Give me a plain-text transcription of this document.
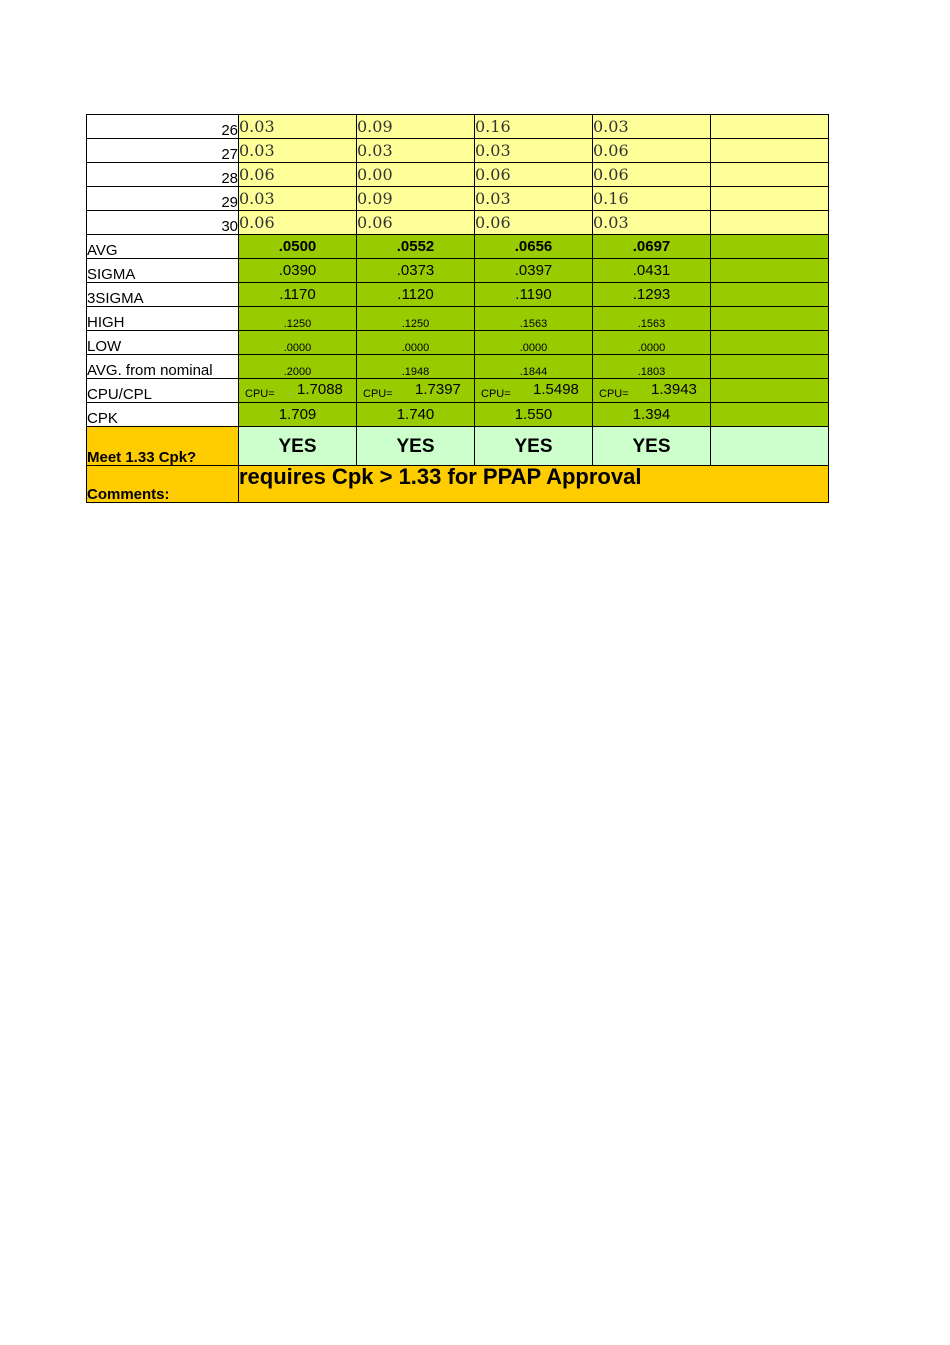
26	0.03	0.09	0.16	0.03	
27	0.03	0.03	0.03	0.06	
28	0.06	0.00	0.06	0.06	
29	0.03	0.09	0.03	0.16	
30	0.06	0.06	0.06	0.03	
AVG	.0500	.0552	.0656	.0697	
SIGMA	.0390	.0373	.0397	.0431	
3SIGMA	.1170	.1120	.1190	.1293	
HIGH	.1250	.1250	.1563	.1563	
LOW	.0000	.0000	.0000	.0000	
AVG. from nominal	.2000	.1948	.1844	.1803	
CPU/CPL	CPU= 1.7088	CPU= 1.7397	CPU= 1.5498	CPU= 1.3943	

CPK	1.709	1.740	1.550	1.394	
Meet 1.33 Cpk?	YES	YES	YES	YES	
Comments:	requires Cpk > 1.33 for PPAP Approval				
